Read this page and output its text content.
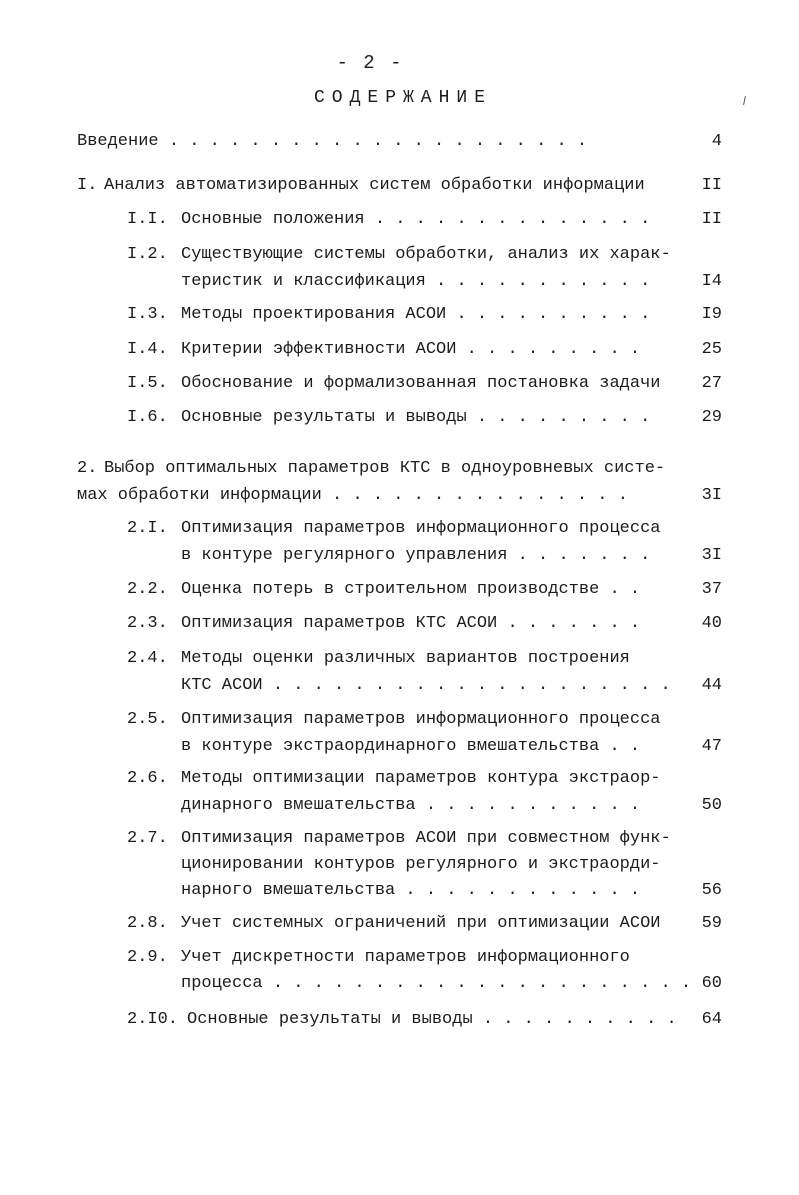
- 2 -
СОДЕРЖАНИЕ
Введение . . . . . . . . . . . . . . . . . . . . .	4
I. Анализ автоматизированных систем обработки информации	II
I.I. Основные положения . . . . . . . . . . . . . .	II
I.2. Существующие системы обработки, анализ их харак-
теристик и классификация . . . . . . . . . . .	I4
I.3. Методы проектирования АСОИ . . . . . . . . . .	I9
I.4. Критерии эффективности АСОИ . . . . . . . . .	25
I.5. Обоснование и формализованная постановка задачи 27
I.6. Основные результаты и выводы . . . . . . . . .	29
2. Выбор оптимальных параметров КТС в одноуровневых систе-
мах обработки информации . . . . . . . . . . . . . . .	3I
2.I. Оптимизация параметров информационного процесса
в контуре регулярного управления . . . . . . .	3I
2.2. Оценка потерь в строительном производстве . .	37
2.3. Оптимизация параметров КТС АСОИ . . . . . . .	40
2.4. Методы оценки различных вариантов построения
КТС АСОИ . . . . . . . . . . . . . . . . . . . . 44
2.5. Оптимизация параметров информационного процесса
в контуре экстраординарного вмешательства . .	47
2.6. Методы оптимизации параметров контура экстраор-
динарного вмешательства . . . . . . . . . . .	50
2.7. Оптимизация параметров АСОИ при совместном функ-
ционировании контуров регулярного и экстраорди-
нарного вмешательства . . . . . . . . . . . .	56
2.8. Учет системных ограничений при оптимизации АСОИ 59
2.9. Учет дискретности параметров информационного
процесса . . . . . . . . . . . . . . . . . . . . . 60
2.I0. Основные результаты и выводы . . . . . . . . . . 64
